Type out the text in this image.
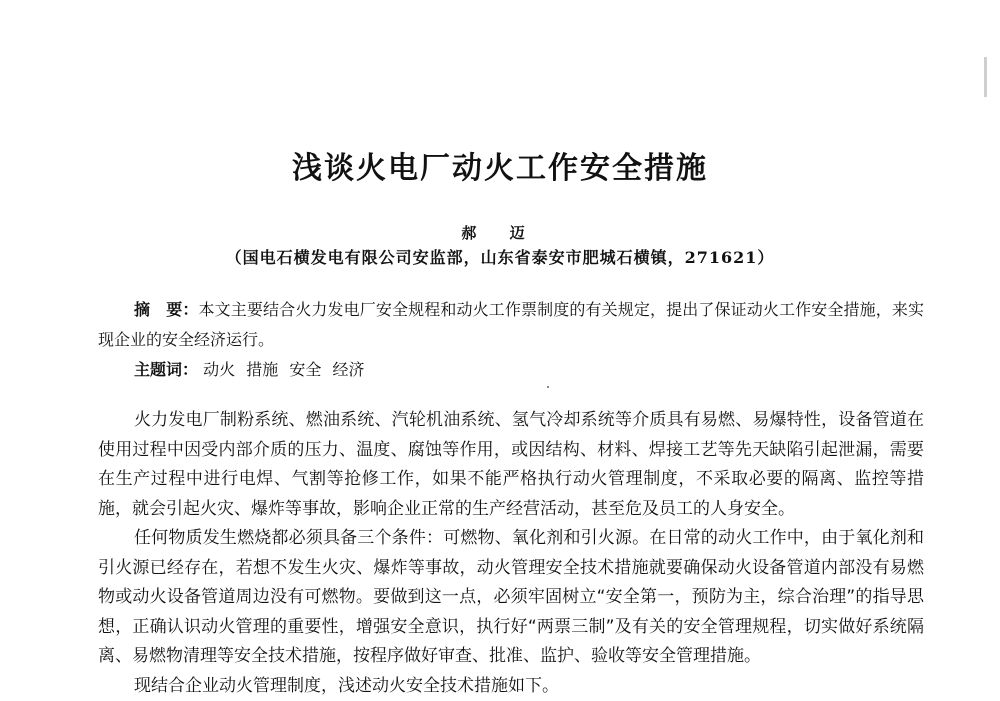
浅谈火电厂动火工作安全措施
郝 迈
（国电石横发电有限公司安监部，山东省泰安市肥城石横镇，271621）
摘　要：本文主要结合火力发电厂安全规程和动火工作票制度的有关规定，提出了保证动火工作安全措施，来实现企业的安全经济运行。
主题词： 动火 措施 安全 经济

火力发电厂制粉系统、燃油系统、汽轮机油系统、氢气冷却系统等介质具有易燃、易爆特性，设备管道在使用过程中因受内部介质的压力、温度、腐蚀等作用，或因结构、材料、焊接工艺等先天缺陷引起泄漏，需要在生产过程中进行电焊、气割等抢修工作，如果不能严格执行动火管理制度，不采取必要的隔离、监控等措施，就会引起火灾、爆炸等事故，影响企业正常的生产经营活动，甚至危及员工的人身安全。

任何物质发生燃烧都必须具备三个条件：可燃物、氧化剂和引火源。在日常的动火工作中，由于氧化剂和引火源已经存在，若想不发生火灾、爆炸等事故，动火管理安全技术措施就要确保动火设备管道内部没有易燃物或动火设备管道周边没有可燃物。要做到这一点，必须牢固树立“安全第一，预防为主，综合治理”的指导思想，正确认识动火管理的重要性，增强安全意识，执行好“两票三制”及有关的安全管理规程，切实做好系统隔离、易燃物清理等安全技术措施，按程序做好审查、批准、监护、验收等安全管理措施。

现结合企业动火管理制度，浅述动火安全技术措施如下。
